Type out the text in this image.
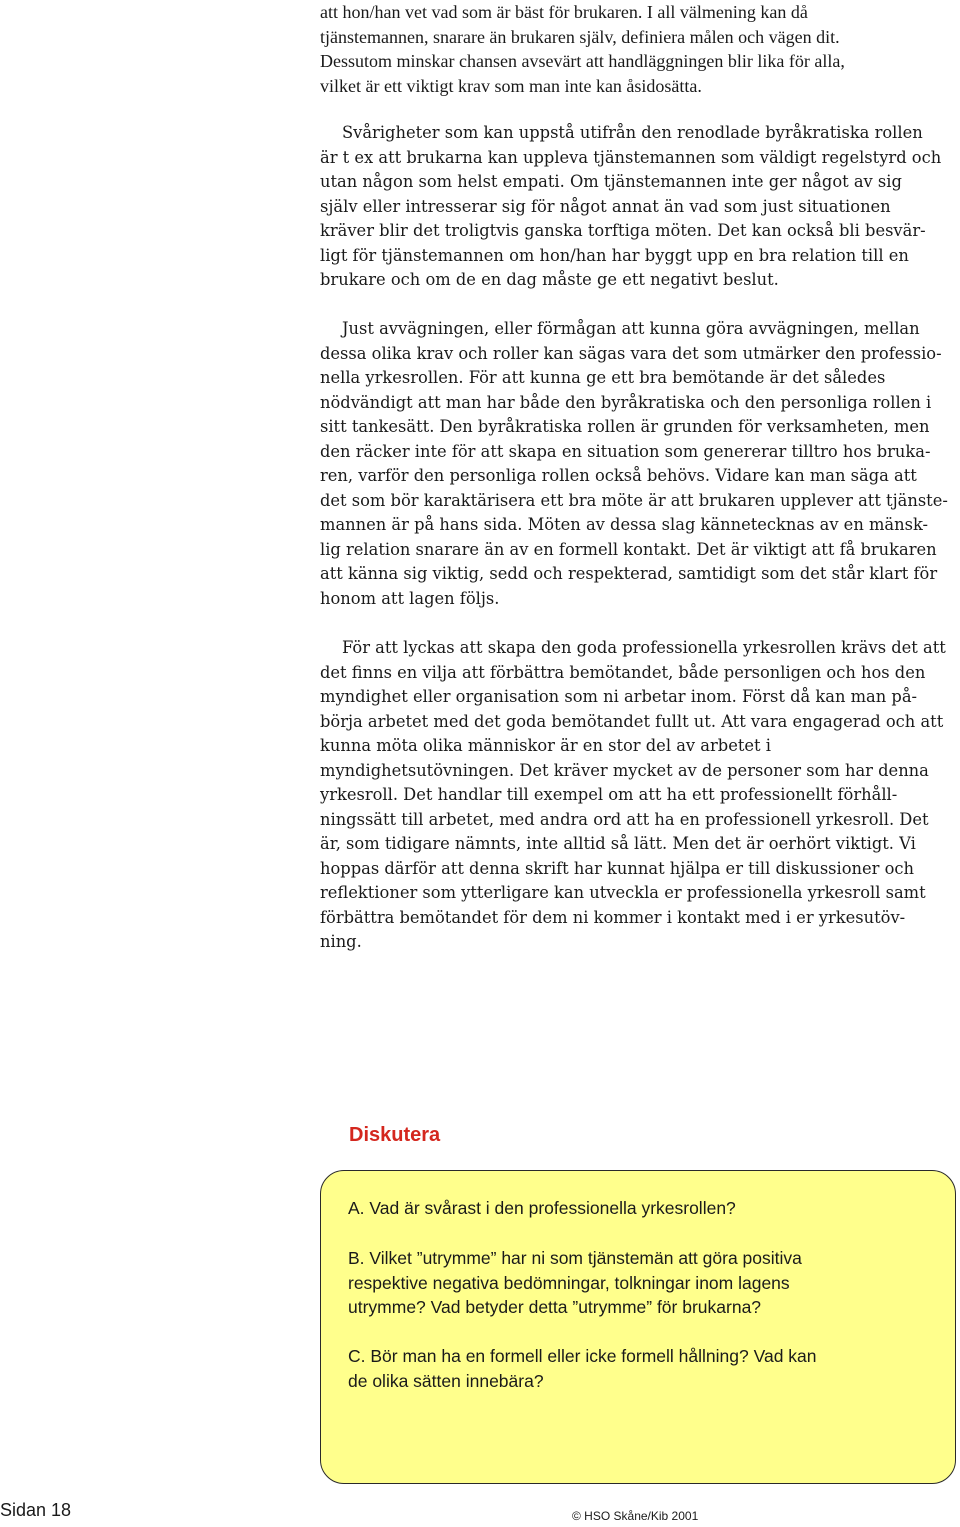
att hon/han vet vad som är bäst för brukaren. I all välmening kan då
tjänstemannen, snarare än brukaren själv, definiera målen och vägen dit.
Dessutom minskar chansen avsevärt att handläggningen blir lika för alla,
vilket är ett viktigt krav som man inte kan åsidosätta.
Svårigheter som kan uppstå utifrån den renodlade byråkratiska rollen
är t ex att brukarna kan uppleva tjänstemannen som väldigt regelstyrd och
utan någon som helst empati. Om tjänstemannen inte ger något av sig
själv eller intresserar sig för något annat än vad som just situationen
kräver blir det troligtvis ganska torftiga möten. Det kan också bli besvär-
ligt för tjänstemannen om hon/han har byggt upp en bra relation till en
brukare och om de en dag måste ge ett negativt beslut.
Just avvägningen, eller förmågan att kunna göra avvägningen, mellan
dessa olika krav och roller kan sägas vara det som utmärker den professio-
nella yrkesrollen. För att kunna ge ett bra bemötande är det således
nödvändigt att man har både den byråkratiska och den personliga rollen i
sitt tankesätt. Den byråkratiska rollen är grunden för verksamheten, men
den räcker inte för att skapa en situation som genererar tilltro hos bruka-
ren, varför den personliga rollen också behövs. Vidare kan man säga att
det som bör karaktärisera ett bra möte är att brukaren upplever att tjänste-
mannen är på hans sida. Möten av dessa slag kännetecknas av en mänsk-
lig relation snarare än av en formell kontakt. Det är viktigt att få brukaren
att känna sig viktig, sedd och respekterad, samtidigt som det står klart för
honom att lagen följs.
För att lyckas att skapa den goda professionella yrkesrollen krävs det att
det finns en vilja att förbättra bemötandet, både personligen och hos den
myndighet eller organisation som ni arbetar inom. Först då kan man på-
börja arbetet med det goda bemötandet fullt ut. Att vara engagerad och att
kunna möta olika människor är en stor del av arbetet i
myndighetsutövningen. Det kräver mycket av de personer som har denna
yrkesroll. Det handlar till exempel om att ha ett professionellt förhåll-
ningssätt till arbetet, med andra ord att ha en professionell yrkesroll. Det
är, som tidigare nämnts, inte alltid så lätt. Men det är oerhört viktigt. Vi
hoppas därför att denna skrift har kunnat hjälpa er till diskussioner och
reflektioner som ytterligare kan utveckla er professionella yrkesroll samt
förbättra bemötandet för dem ni kommer i kontakt med i er yrkesutöv-
ning.
Diskutera
A. Vad är svårast i den professionella yrkesrollen?
B. Vilket ”utrymme” har ni som tjänstemän att göra positiva
respektive negativa bedömningar, tolkningar inom lagens
utrymme? Vad betyder detta ”utrymme” för brukarna?
C. Bör man ha en formell eller icke formell hållning? Vad kan
de olika sätten innebära?

Sidan 18	© HSO Skåne/Kib 2001
